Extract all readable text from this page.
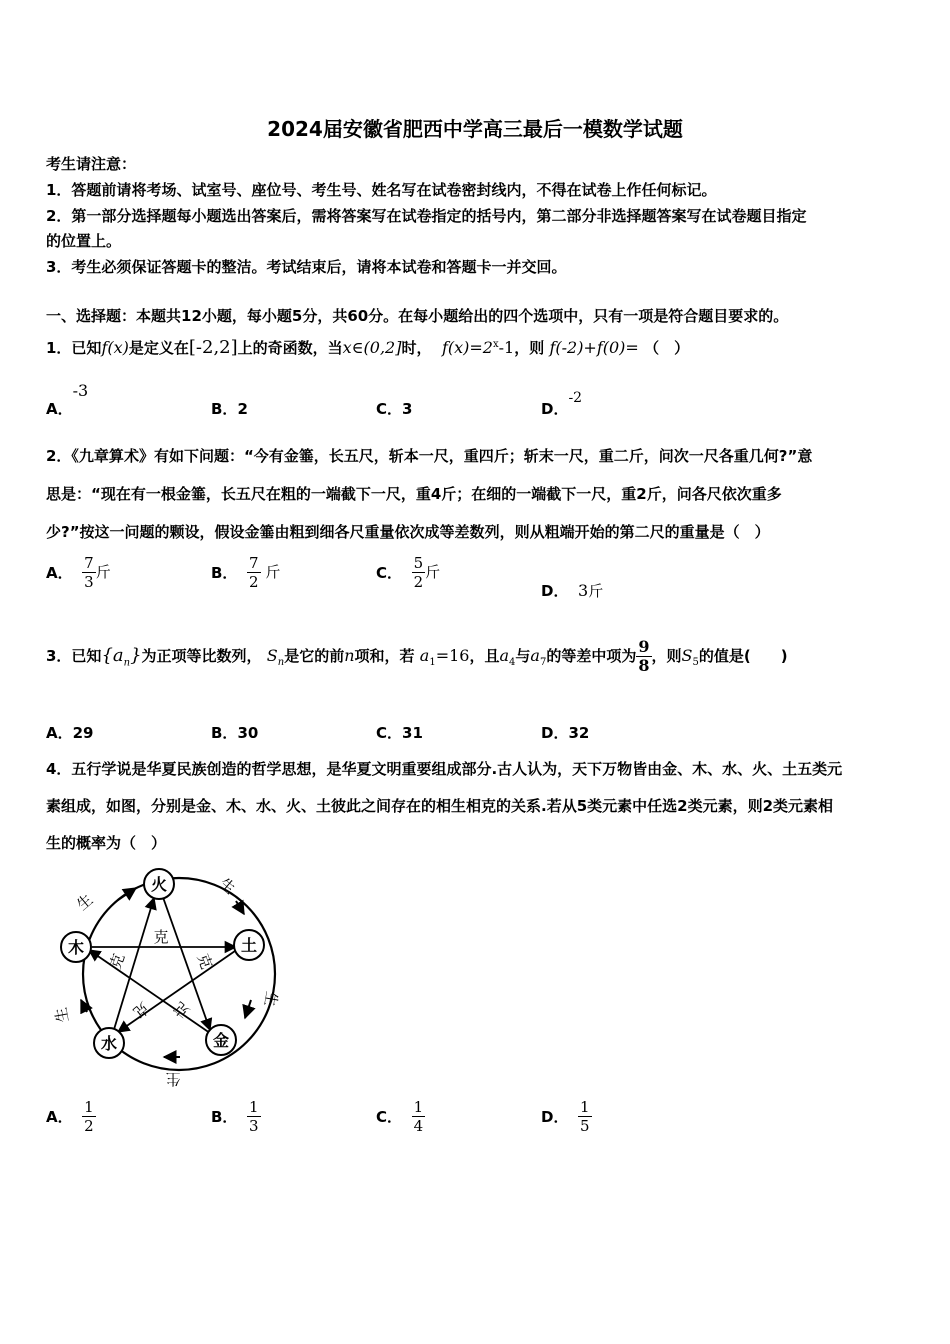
2024届安徽省肥西中学高三最后一模数学试题
考生请注意：
1．答题前请将考场、试室号、座位号、考生号、姓名写在试卷密封线内，不得在试卷上作任何标记。
2．第一部分选择题每小题选出答案后，需将答案写在试卷指定的括号内，第二部分非选择题答案写在试卷题目指定
的位置上。
3．考生必须保证答题卡的整洁。考试结束后，请将本试卷和答题卡一并交回。
一、选择题：本题共12小题，每小题5分，共60分。在每小题给出的四个选项中，只有一项是符合题目要求的。
1．已知f(x)是定义在[-2,2]上的奇函数，当x∈(0,2]时， $f(x)=2^x-1$，则 f(-2)+f(0)= （　）
A．-3
B．2	C．3	D．-2
2．《九章算术》有如下问题：“今有金箠，长五尺，斩本一尺，重四斤；斩末一尺，重二斤，问次一尺各重几何?”意
思是：“现在有一根金箠，长五尺在粗的一端截下一尺，重4斤；在细的一端截下一尺，重2斤，问各尺依次重多
少?”按这一问题的颗设，假设金箠由粗到细各尺重量依次成等差数列，则从粗端开始的第二尺的重量是（　）
A． $\frac{7}{3}$ 斤	B． $\frac{7}{2}$ 斤	C． $\frac{5}{2}$ 斤
D． 3斤
3．已知$\{a_n\}$为正项等比数列， $S_n$是它的前n项和，若 $a_1=16$，且$a_4$与$a_7$的等差中项为 $\frac{9}{8}$ ，则$S_5$的值是(　　)
A．29	B．30	C．31	D．32
4．五行学说是华夏民族创造的哲学思想，是华夏文明重要组成部分.古人认为，天下万物皆由金、木、水、火、土五类元
素组成，如图，分别是金、木、水、火、土彼此之间存在的相生相克的关系.若从5类元素中任选2类元素，则2类元素相
生的概率为（　）
火
土
金
水
木
生
生
生
生
生
克
克	克
克 克
A． $\frac{1}{2}$	B． $\frac{1}{3}$	C． $\frac{1}{4}$	D． $\frac{1}{5}$
